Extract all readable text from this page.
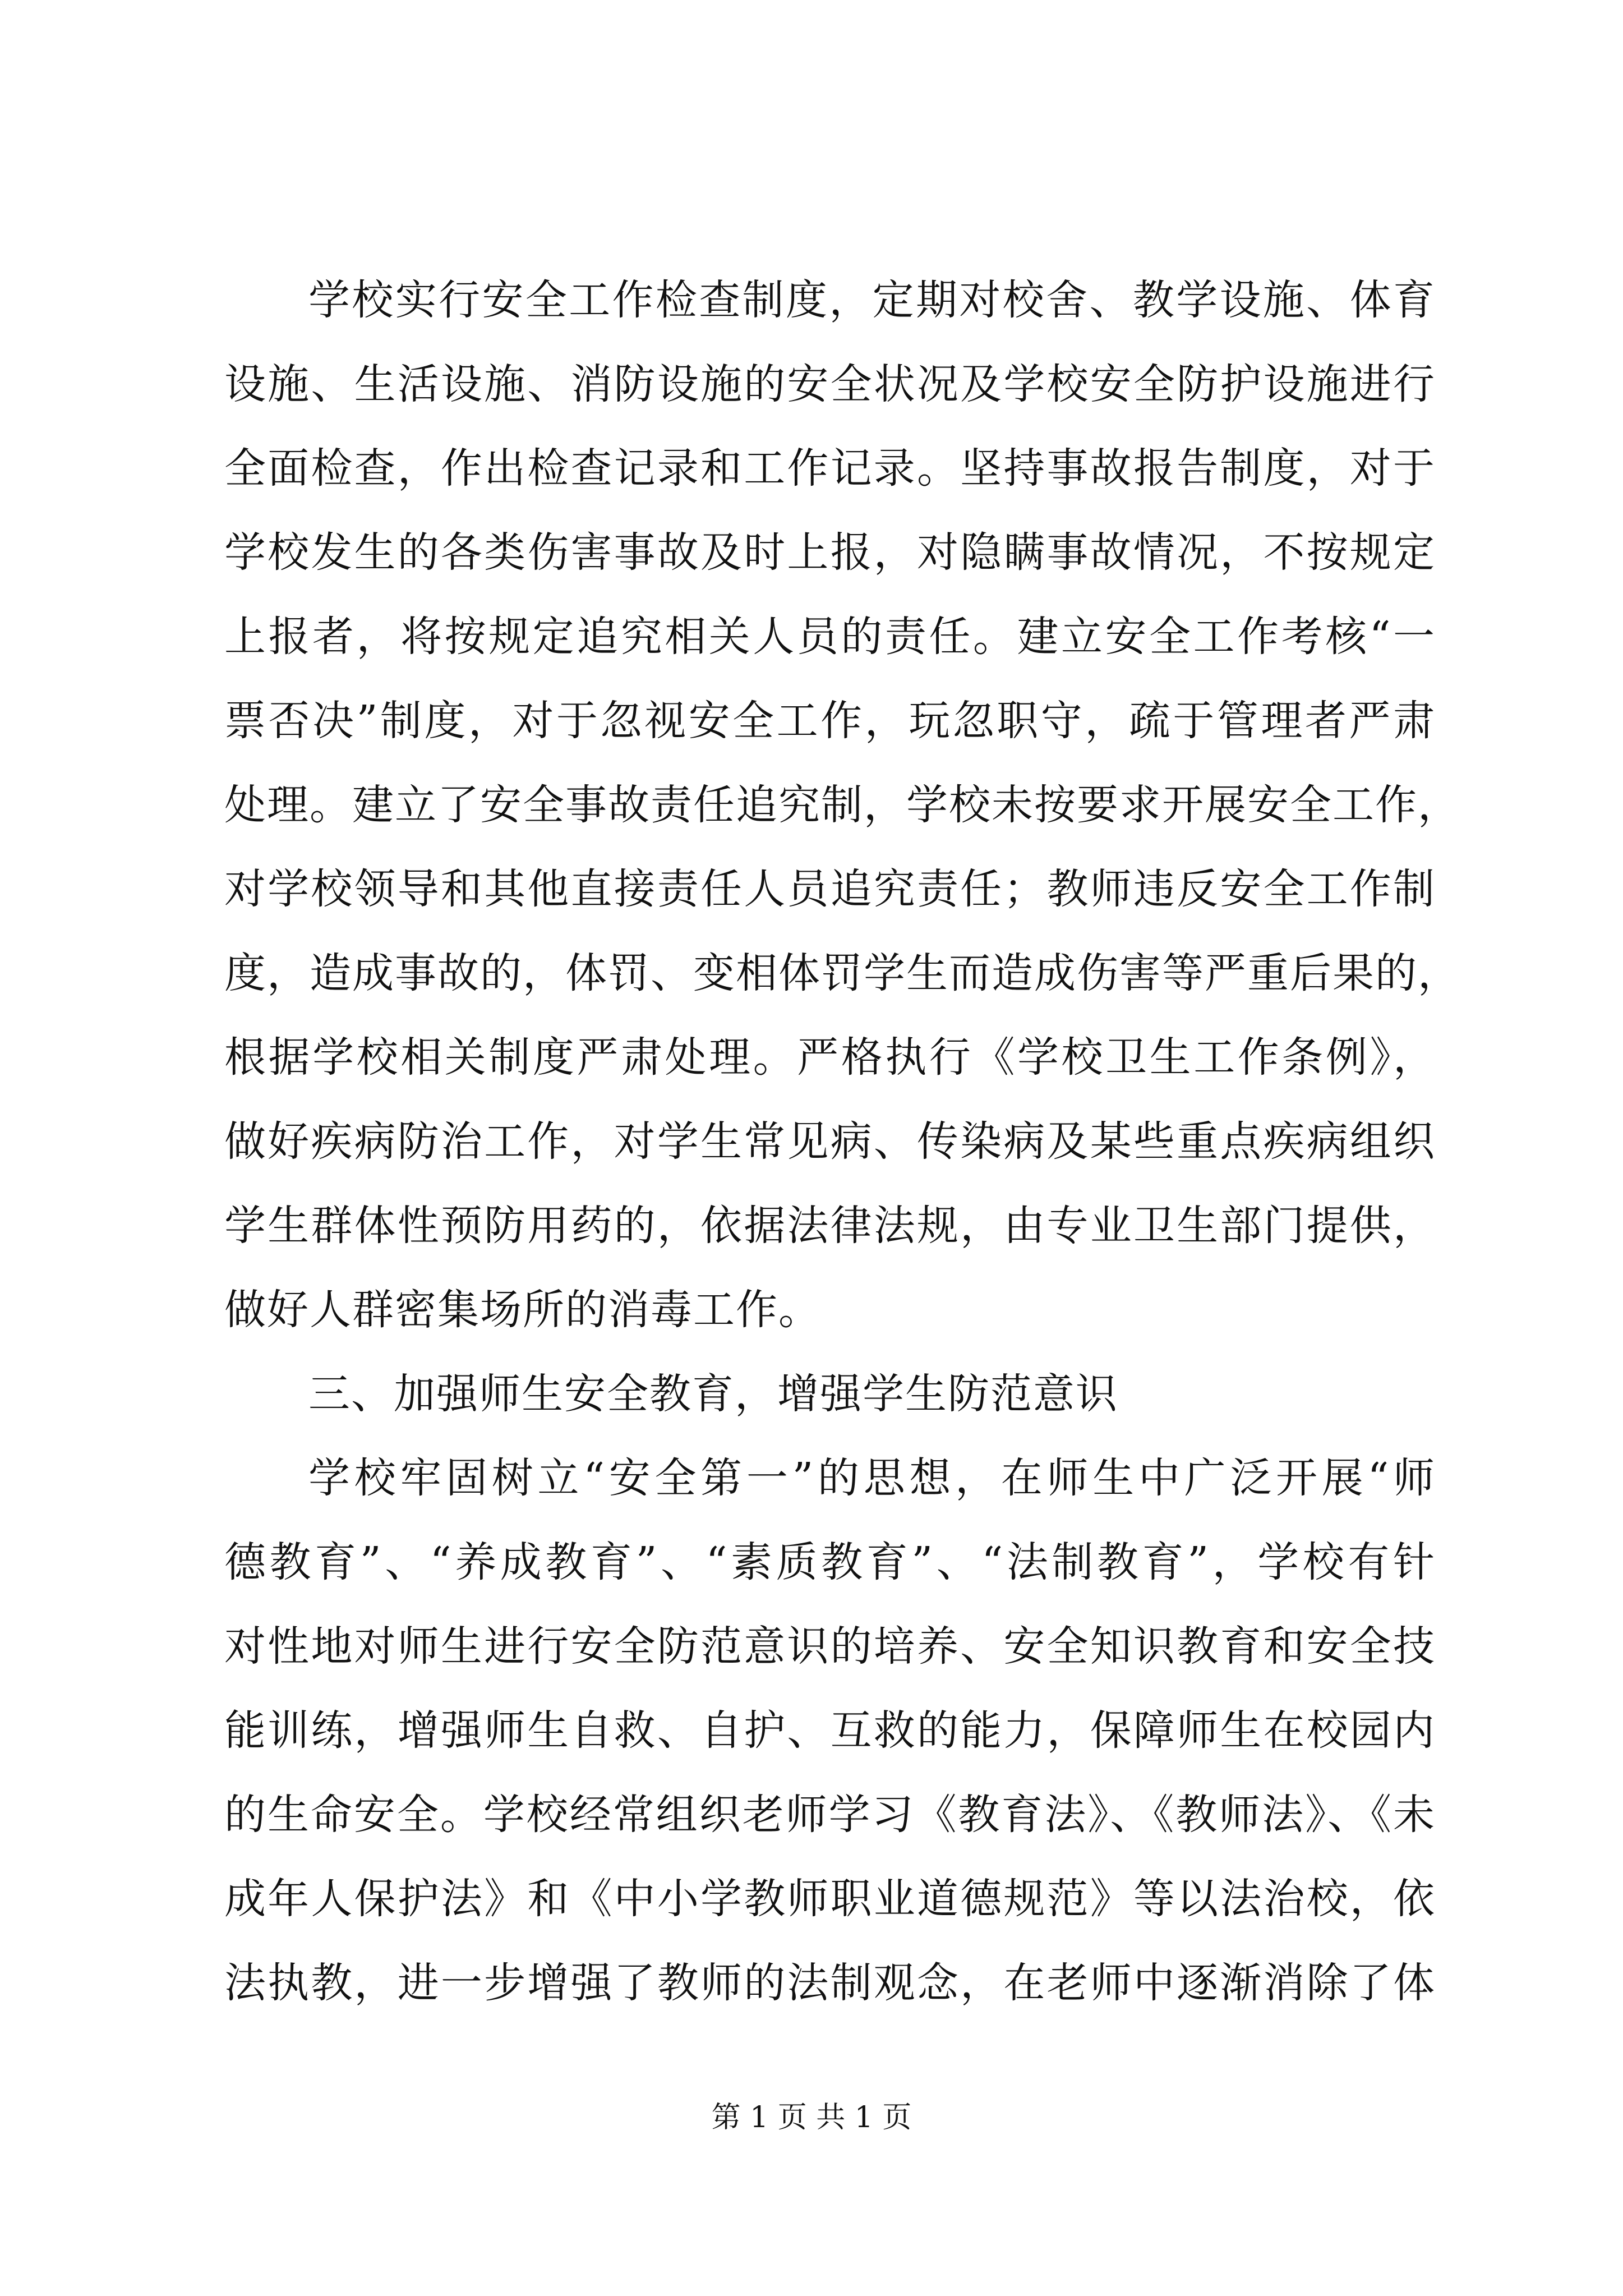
学校实行安全工作检查制度，定期对校舍、教学设施、体育
设施、生活设施、消防设施的安全状况及学校安全防护设施进行
全面检查，作出检查记录和工作记录。坚持事故报告制度，对于
学校发生的各类伤害事故及时上报，对隐瞒事故情况，不按规定
上报者，将按规定追究相关人员的责任。建立安全工作考核“一
票否决”制度，对于忽视安全工作，玩忽职守，疏于管理者严肃
处理。建立了安全事故责任追究制，学校未按要求开展安全工作，
对学校领导和其他直接责任人员追究责任；教师违反安全工作制
度，造成事故的，体罚、变相体罚学生而造成伤害等严重后果的，
根据学校相关制度严肃处理。严格执行《学校卫生工作条例》，
做好疾病防治工作，对学生常见病、传染病及某些重点疾病组织
学生群体性预防用药的，依据法律法规，由专业卫生部门提供，
做好人群密集场所的消毒工作。
三、加强师生安全教育，增强学生防范意识
学校牢固树立“安全第一”的思想，在师生中广泛开展“师
德教育”、“养成教育”、“素质教育”、“法制教育”，学校有针
对性地对师生进行安全防范意识的培养、安全知识教育和安全技
能训练，增强师生自救、自护、互救的能力，保障师生在校园内
的生命安全。学校经常组织老师学习《教育法》、《教师法》、《未
成年人保护法》和《中小学教师职业道德规范》等以法治校，依
法执教，进一步增强了教师的法制观念，在老师中逐渐消除了体
第 1 页 共 1 页
